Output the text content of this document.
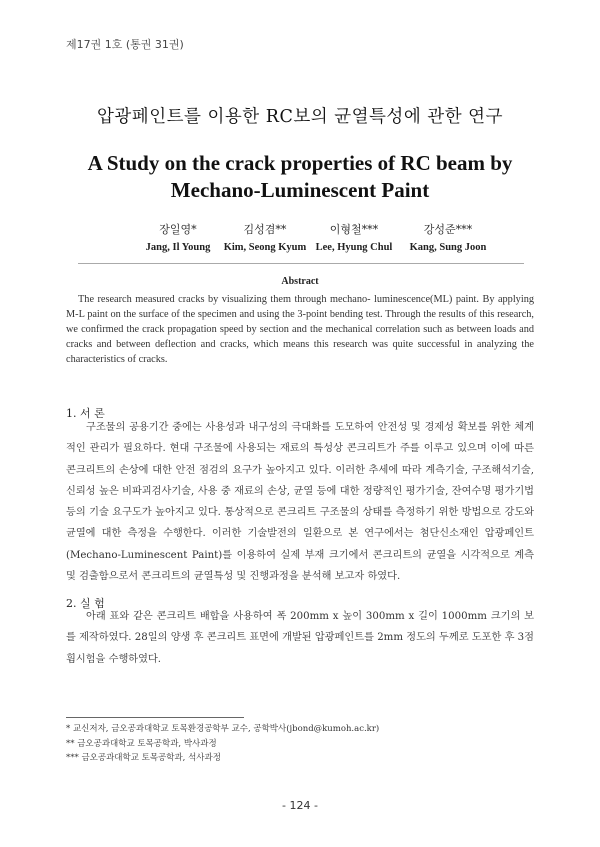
제17권 1호 (통권 31권)
압광페인트를 이용한 RC보의 균열특성에 관한 연구
A Study on the crack properties of RC beam by Mechano-Luminescent Paint
장일영*
Jang, Il Young
김성겸**
Kim, Seong Kyum
이형철***
Lee, Hyung Chul
강성준***
Kang, Sung Joon
Abstract
The research measured cracks by visualizing them through mechano- luminescence(ML) paint. By applying M-L paint on the surface of the specimen and using the 3-point bending test. Through the results of this research, we confirmed the crack propagation speed by section and the mechanical correlation such as between loads and cracks and between deflection and cracks, which means this research was quite successful in analyzing the characteristics of cracks.
1. 서 론
구조물의 공용기간 중에는 사용성과 내구성의 극대화를 도모하여 안전성 및 경제성 확보를 위한 체계적인 관리가 필요하다. 현대 구조물에 사용되는 재료의 특성상 콘크리트가 주를 이루고 있으며 이에 따른 콘크리트의 손상에 대한 안전 점검의 요구가 높아지고 있다. 이러한 추세에 따라 계측기술, 구조해석기술, 신뢰성 높은 비파괴검사기술, 사용 중 재료의 손상, 균열 등에 대한 정량적인 평가기술, 잔여수명 평가기법 등의 기술 요구도가 높아지고 있다. 통상적으로 콘크리트 구조물의 상태를 측정하기 위한 방법으로 강도와 균열에 대한 측정을 수행한다. 이러한 기술발전의 일환으로 본 연구에서는 첨단신소재인 압광페인트(Mechano-Luminescent Paint)를 이용하여 실제 부재 크기에서 콘크리트의 균열을 시각적으로 계측 및 검출함으로서 콘크리트의 균열특성 및 진행과정을 분석해 보고자 하였다.
2. 실 험
아래 표와 같은 콘크리트 배합을 사용하여 폭 200mm x 높이 300mm x 길이 1000mm 크기의 보를 제작하였다. 28일의 양생 후 콘크리트 표면에 개발된 압광페인트를 2mm 정도의 두께로 도포한 후 3점 휨시험을 수행하였다.
* 교신저자, 금오공과대학교 토목환경공학부 교수, 공학박사(jbond@kumoh.ac.kr)
** 금오공과대학교 토목공학과, 박사과정
*** 금오공과대학교 토목공학과, 석사과정
- 124 -
